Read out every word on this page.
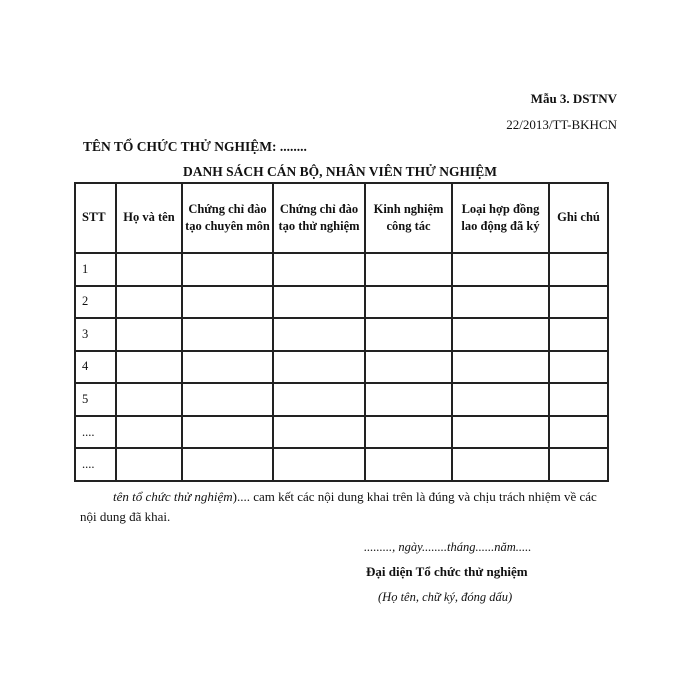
Mẫu 3. DSTNV
22/2013/TT-BKHCN
TÊN TỔ CHỨC THỬ NGHIỆM: ........
DANH SÁCH CÁN BỘ, NHÂN VIÊN THỬ NGHIỆM
STT	Họ và tên	Chứng chỉ đào tạo chuyên môn	Chứng chỉ đào tạo thử nghiệm	Kinh nghiệm công tác	Loại hợp đồng lao động đã ký	Ghi chú
1						
2						
3						
4						
5						
....						
....						
tên tổ chức thử nghiệm).... cam kết các nội dung khai trên là đúng và chịu trách nhiệm về các nội dung đã khai.
........., ngày........tháng......năm.....
Đại diện Tổ chức thử nghiệm
(Họ tên, chữ ký, đóng dấu)
